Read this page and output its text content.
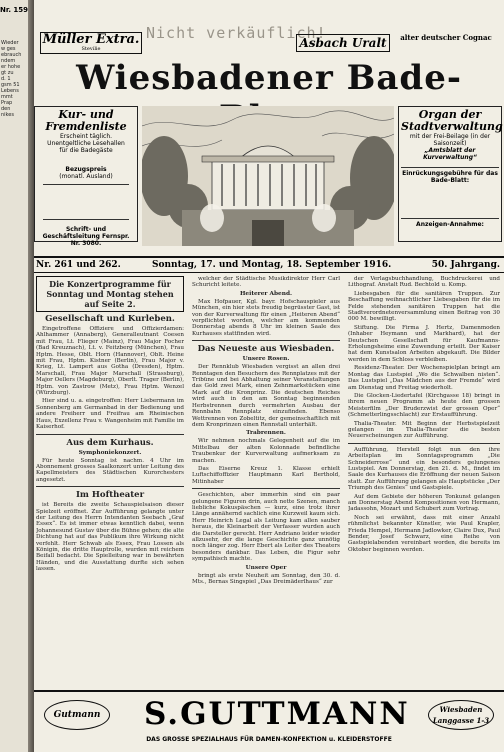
Nr. 159
Wieder
w ges
ebrauch
ndem
er hohe
gt zu
d. 1
gsm 51
Lebens
mmt
Prap
den
nikes
Müller Extra.
Stevilie
Nicht verkäuflich!
Asbach Uralt	alter deutscher Cognac
Wiesbadener Bade-
Kur- und Fremdenliste
Erscheint täglich.
Unentgeltliche Lesehallen
für die Badegäste
Bezugspreis
(monatl. Ausland)
Schrift- und Geschäftsleitung Fernspr. Nr. 3080.
Organ der Stadtverwaltung
mit der Frei-Beilage (in der Saisonzeit)
„Amtsblatt der
Kurverwaltung“
Einrückungsgebühre für das Bade-Blatt:
Anzeigen-Annahme:
Nr. 261 und 262.	Sonntag, 17. und Montag, 18. September 1916.	50. Jahrgang.
Die Konzertprogramme für Sonntag und Montag stehen auf Seite 2.
Gesellschaft und Kurleben.

Eingetroffene Offiziere und Offizierdamen: Ahlhammer (Annaberg), Generalleutnant Coesen mit Frau, Lt. Flieger (Mainz), Frau Major Focher (Bad Kreuznach), Lt. v. Feitzberg (München), Frau Hptm. Hesse, Oblt. Horn (Hannover), Oblt. Heine mit Frau, Hptm. Kistner (Berlin), Frau Major v. Krieg, Lt. Lampert aus Gotha (Dresden), Hptm. Marschall, Frau Major Marschall (Strassburg), Major Oellers (Magdeburg), Oberlt. Trager (Berlin), Hptm. von Zastrow (Metz), Frau Hptm. Wenzel (Würzburg).

Hier sind u. a. eingetroffen: Herr Liebermann im Sonnenberg am Germanbad in der Bedienung und andere Freiherr und Freifrau am Rheinischen Haus, Exzellenz Frau v. Wangenheim mit Familie im Kaiserhof.

Aus dem Kurhaus.
Symphoniekonzert.

Für heute Sonntag ist nachm. 4 Uhr im Abonnement grosses Saalkonzert unter Leitung des Kapellmeisters des Städtischen Kurorchesters angesetzt.

Im Hoftheater

ist Bereits die zweite Schauspielsaison dieser Spielzeit eröffnet. Zur Aufführung gelangte unter der Leitung des Herrn Intendanten Seebach „Graf Essex“. Es ist immer etwas kenntlich dabei, wenn Johannesund Gustav über die Bühne gehen; die alte Dichtung hat auf das Publikum ihre Wirkung nicht verfehlt. Herr Schwab als Essex, Frau Lossen als Königin, die dritte Hauptrolle, wurden mit reichem Beifall bedacht. Die Spielleitung war in bewährten Händen, und die Ausstattung durfte sich sehen lassen.

welcher der Städtische Musikdirektor Herr Carl Schuricht leitete.

Heiterer Abend.

Max Hofpauer, Kgl. bayr. Hofschauspieler aus München, ein hier stets freudig begrüsster Gast, ist von der Kurverwaltung für einen „Heiteren Abend“ verpflichtet worden, welcher am kommenden Donnerstag abends 8 Uhr im kleinen Saale des Kurhauses stattfinden wird.

Das Neueste aus Wiesbaden.
Unsere Rosen.

Der Rennklub Wiesbaden vergisst an allen drei Renntagen den Besuchern des Rennplatzes mit der Tribüne und bei Abhaltung seiner Veranstaltungen das Gold zwei Mark, einen Zehnmarkstücken eine Mark auf die Kronprinz. Die deutschen Reiches wird auch in den am Sonntag beginnenden Herbstrennen durch vermehrten Ausbau der Rennbahn Rennplatz einzufinden. Ebenso Wettrennen von Zobeltitz, der gemeinschaftlich mit dem Kronprinzen einen Rennstall unterhält.

Trabrennen.

Wir nehmen nochmals Gelegenheit auf die im Mittelbau der alten Kolonnade befindliche Traubenkur der Kurverwaltung aufmerksam zu machen.

Das Eiserne Kreuz 1. Klasse erhielt Luftschiffoffizier Hauptmann Karl Berthold, Mitinhaber

Geschichten, aber immerhin sind ein paar gelungene Figuren drin, auch nette Szenen, manch liebliche Kokuspäschen — kurz, eine trotz ihrer Länge annähernd sachlich eine Kurzweil kaum sich. Herr Heinrich Legal als Leitung kam allen sauber heraus, die Kleinarbeit der Verfasser wurden auch die Darsteller gerecht. Herr Andriano leider wieder allzusehr, der die lange Geschichte ganz unnötig noch länger zog. Herr Ebert als Leiter des Theaters besonders dankbar. Das Leben, die Figur sehr sympathisch machte.

Unsere Oper

bringt als erste Neuheit am Sonntag, den 30. d. Mts., Bernas Singspiel „Das Dreimäderlhaus“ zur

der Verlagsbuchhandlung, Buchdruckerei und Lithograf. Anstalt Rud. Bechtold u. Komp.

Liebesgaben für die sanitären Truppen. Zur Beschaffung weihnachtlicher Liebesgaben für die im Felde stehenden sanitären Truppen hat die Stadtverordnetenversammlung einen Beitrag von 30 000 M. bewilligt.

Stiftung. Die Firma J. Hertz, Damenmoden (Inhaber Heymann und Markhard), hat der Deutschen Gesellschaft für Kaufmanns-Erholungsheime eine Zuwendung erteilt. Der Kaiser hat dem Kunstsalon Arbeiten abgekauft. Die Bilder werden in dem Schloss verbleiben.

Residenz-Theater. Der Wochenspielplan bringt am Montag das Lustspiel „Wo die Schwalben nisten“. Das Lustspiel „Das Mädchen aus der Fremde“ wird am Dienstag und Freitag wiederholt.

Die Glocken-Liedertafel (Kirchgasse 18) bringt in ihrem neuen Programm ab heute den grossen Meisterfilm „Der Bruderzwist der grossen Oper“ (Schmetterlingsschlacht) zur Erstaufführung.

Thalia-Theater. Mit Beginn der Herbstspielzeit gelangen im Thalia-Theater die besten Neuerscheinungen zur Aufführung.

Aufführung, Herstell folgt nun den ihre Arbeitsplan im Sonntagsprogramm „Die Schneiderrose“ und ein besonders gelungenes Lustspiel. Am Donnerstag, den 21. d. M., findet im Saale des Kurhauses die Eröffnung der neuen Saison statt. Zur Aufführung gelangen als Hauptstücke „Der Triumph des Genies“ und Gastspiele.

Auf dem Gebiete der höheren Tonkunst gelangen am Donnerstag Abend Kompositionen von Hermann, Jadassohn, Mozart und Schubert zum Vortrag.

Noch sei erwähnt, dass mit einer Anzahl rühmlichst bekannter Künstler, wie Paul Krapler, Frieda Hempel, Hermann Jadlowker, Claire Dux, Paul Bender, Josef Schwarz, eine Reihe von Gastspielabenden vereinbart worden, die bereits im Oktober beginnen werden.

Gutmann	S.GUTTMANN	Wiesbaden Langgasse 1-3
DAS GROSSE SPEZIALHAUS FÜR DAMEN-KONFEKTION u. KLEIDERSTOFFE
